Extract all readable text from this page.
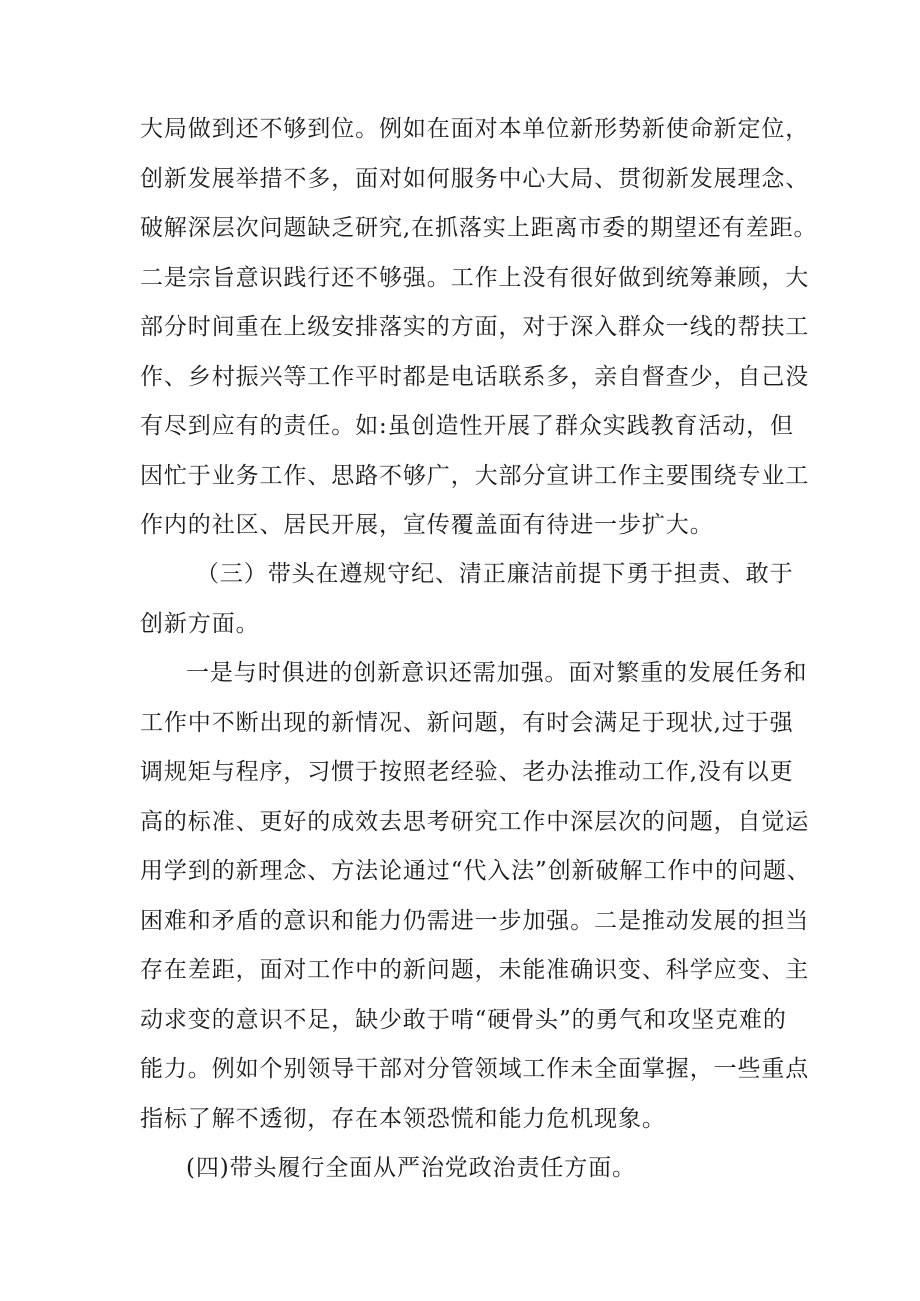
大局做到还不够到位。例如在面对本单位新形势新使命新定位，
创新发展举措不多，面对如何服务中心大局、贯彻新发展理念、
破解深层次问题缺乏研究,在抓落实上距离市委的期望还有差距。
二是宗旨意识践行还不够强。工作上没有很好做到统筹兼顾，大
部分时间重在上级安排落实的方面，对于深入群众一线的帮扶工
作、乡村振兴等工作平时都是电话联系多，亲自督查少，自己没
有尽到应有的责任。如:虽创造性开展了群众实践教育活动，但
因忙于业务工作、思路不够广，大部分宣讲工作主要围绕专业工
作内的社区、居民开展，宣传覆盖面有待进一步扩大。
（三）带头在遵规守纪、清正廉洁前提下勇于担责、敢于
创新方面。
一是与时俱进的创新意识还需加强。面对繁重的发展任务和
工作中不断出现的新情况、新问题，有时会满足于现状,过于强
调规矩与程序，习惯于按照老经验、老办法推动工作,没有以更
高的标准、更好的成效去思考研究工作中深层次的问题，自觉运
用学到的新理念、方法论通过“代入法”创新破解工作中的问题、
困难和矛盾的意识和能力仍需进一步加强。二是推动发展的担当
存在差距，面对工作中的新问题，未能准确识变、科学应变、主
动求变的意识不足，缺少敢于啃“硬骨头”的勇气和攻坚克难的
能力。例如个别领导干部对分管领域工作未全面掌握，一些重点
指标了解不透彻，存在本领恐慌和能力危机现象。
(四)带头履行全面从严治党政治责任方面。
